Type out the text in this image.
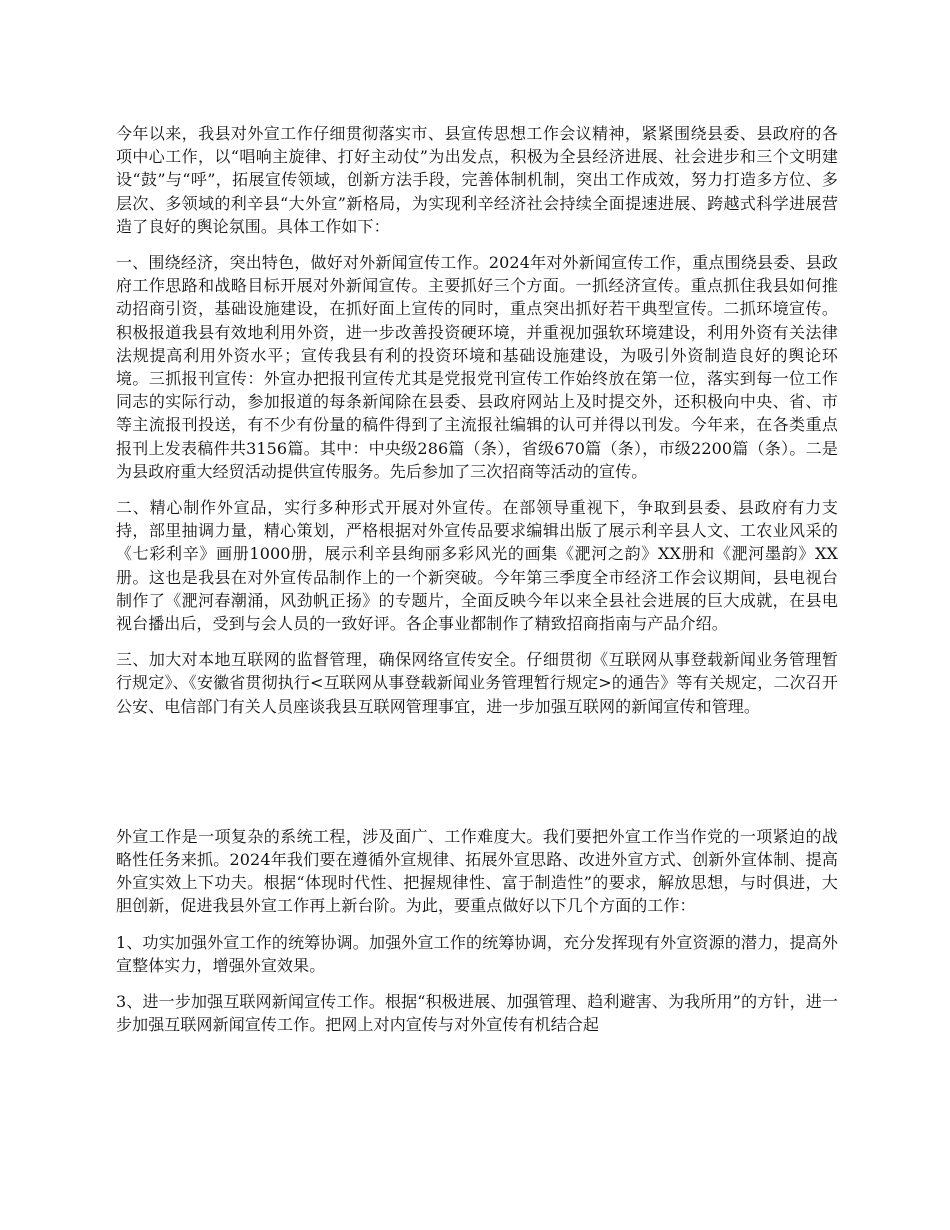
今年以来，我县对外宣工作仔细贯彻落实市、县宣传思想工作会议精神，紧紧围绕县委、县政府的各项中心工作，以“唱响主旋律、打好主动仗”为出发点，积极为全县经济进展、社会进步和三个文明建设“鼓”与“呼”，拓展宣传领域，创新方法手段，完善体制机制，突出工作成效，努力打造多方位、多层次、多领域的利辛县“大外宣”新格局，为实现利辛经济社会持续全面提速进展、跨越式科学进展营造了良好的舆论氛围。具体工作如下：

一、围绕经济，突出特色，做好对外新闻宣传工作。2024年对外新闻宣传工作，重点围绕县委、县政府工作思路和战略目标开展对外新闻宣传。主要抓好三个方面。一抓经济宣传。重点抓住我县如何推动招商引资，基础设施建设，在抓好面上宣传的同时，重点突出抓好若干典型宣传。二抓环境宣传。积极报道我县有效地利用外资，进一步改善投资硬环境，并重视加强软环境建设，利用外资有关法律法规提高利用外资水平；宣传我县有利的投资环境和基础设施建设，为吸引外资制造良好的舆论环境。三抓报刊宣传：外宣办把报刊宣传尤其是党报党刊宣传工作始终放在第一位，落实到每一位工作同志的实际行动，参加报道的每条新闻除在县委、县政府网站上及时提交外，还积极向中央、省、市等主流报刊投送，有不少有份量的稿件得到了主流报社编辑的认可并得以刊发。今年来，在各类重点报刊上发表稿件共3156篇。其中：中央级286篇（条），省级670篇（条），市级2200篇（条）。二是为县政府重大经贸活动提供宣传服务。先后参加了三次招商等活动的宣传。

二、精心制作外宣品，实行多种形式开展对外宣传。在部领导重视下，争取到县委、县政府有力支持，部里抽调力量，精心策划，严格根据对外宣传品要求编辑出版了展示利辛县人文、工农业风采的《七彩利辛》画册1000册，展示利辛县绚丽多彩风光的画集《淝河之韵》XX册和《淝河墨韵》XX册。这也是我县在对外宣传品制作上的一个新突破。今年第三季度全市经济工作会议期间，县电视台制作了《淝河春潮涌，风劲帆正扬》的专题片，全面反映今年以来全县社会进展的巨大成就，在县电视台播出后，受到与会人员的一致好评。各企事业都制作了精致招商指南与产品介绍。

三、加大对本地互联网的监督管理，确保网络宣传安全。仔细贯彻《互联网从事登载新闻业务管理暂行规定》、《安徽省贯彻执行<互联网从事登载新闻业务管理暂行规定>的通告》等有关规定，二次召开公安、电信部门有关人员座谈我县互联网管理事宜，进一步加强互联网的新闻宣传和管理。

外宣工作是一项复杂的系统工程，涉及面广、工作难度大。我们要把外宣工作当作党的一项紧迫的战略性任务来抓。2024年我们要在遵循外宣规律、拓展外宣思路、改进外宣方式、创新外宣体制、提高外宣实效上下功夫。根据“体现时代性、把握规律性、富于制造性”的要求，解放思想，与时俱进，大胆创新，促进我县外宣工作再上新台阶。为此，要重点做好以下几个方面的工作：

1、功实加强外宣工作的统筹协调。加强外宣工作的统筹协调，充分发挥现有外宣资源的潜力，提高外宣整体实力，增强外宣效果。

3、进一步加强互联网新闻宣传工作。根据“积极进展、加强管理、趋利避害、为我所用”的方针，进一步加强互联网新闻宣传工作。把网上对内宣传与对外宣传有机结合起
